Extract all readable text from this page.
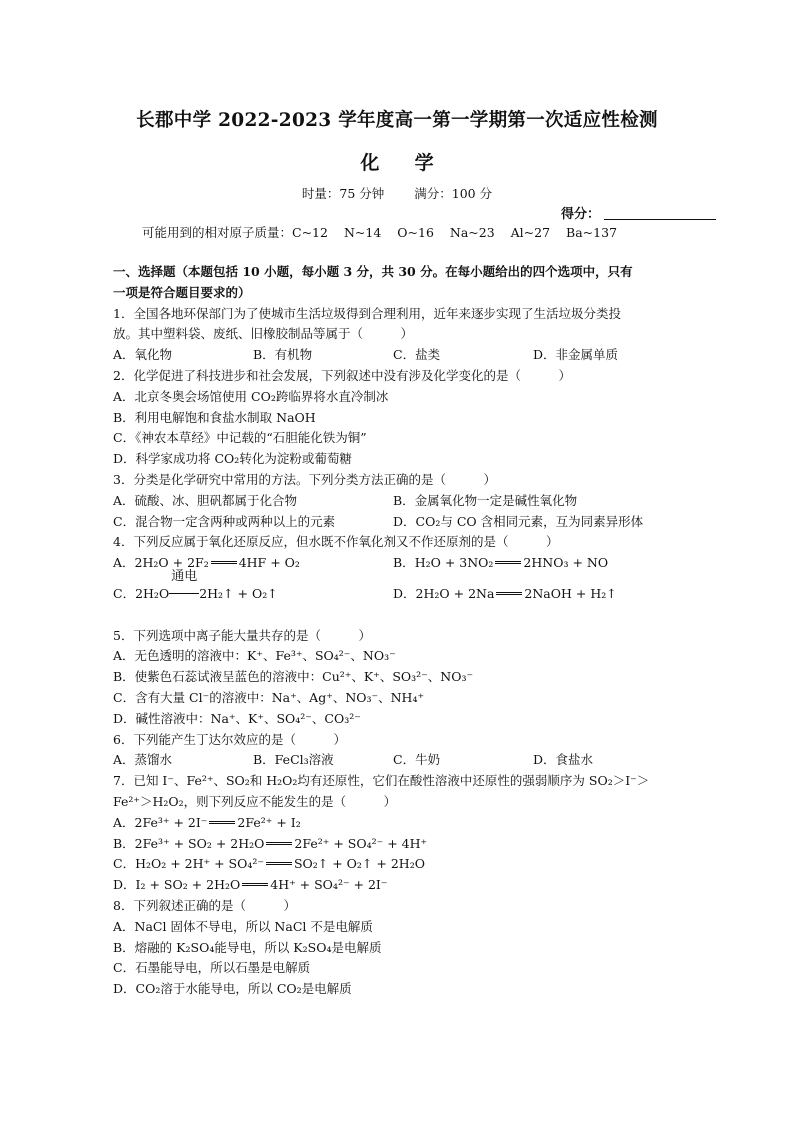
长郡中学 2022-2023 学年度高一第一学期第一次适应性检测
化 学
时量：75 分钟 满分：100 分
得分：
可能用到的相对原子质量：C~12 N~14 O~16 Na~23 Al~27 Ba~137
一、选择题（本题包括 10 小题，每小题 3 分，共 30 分。在每小题给出的四个选项中，只有
一项是符合题目要求的）
1．全国各地环保部门为了使城市生活垃圾得到合理利用，近年来逐步实现了生活垃圾分类投
放。其中塑料袋、废纸、旧橡胶制品等属于（　　　）
A．氧化物	B．有机物	C．盐类	D．非金属单质
2．化学促进了科技进步和社会发展，下列叙述中没有涉及化学变化的是（　　　）
A．北京冬奥会场馆使用 CO₂跨临界将水直冷制冰
B．利用电解饱和食盐水制取 NaOH
C．《神农本草经》中记载的“石胆能化铁为铜”
D．科学家成功将 CO₂转化为淀粉或葡萄糖
3．分类是化学研究中常用的方法。下列分类方法正确的是（　　　）
A．硫酸、冰、胆矾都属于化合物	B．金属氧化物一定是碱性氧化物
C．混合物一定含两种或两种以上的元素	D．CO₂与 CO 含相同元素，互为同素异形体
4．下列反应属于氧化还原反应，但水既不作氧化剂又不作还原剂的是（　　　）
A．2H₂O + 2F₂ 4HF + O₂	B．H₂O + 3NO₂ 2HNO₃ + NO
C．2H₂O
通电
2H₂↑ + O₂↑	D．2H₂O + 2Na 2NaOH + H₂↑
5．下列选项中离子能大量共存的是（　　　）
A．无色透明的溶液中：K⁺、Fe³⁺、SO₄²⁻、NO₃⁻
B．使紫色石蕊试液呈蓝色的溶液中：Cu²⁺、K⁺、SO₃²⁻、NO₃⁻
C．含有大量 Cl⁻的溶液中：Na⁺、Ag⁺、NO₃⁻、NH₄⁺
D．碱性溶液中：Na⁺、K⁺、SO₄²⁻、CO₃²⁻
6．下列能产生丁达尔效应的是（　　　）
A．蒸馏水	B．FeCl₃溶液	C．牛奶	D．食盐水
7．已知 I⁻、Fe²⁺、SO₂和 H₂O₂均有还原性，它们在酸性溶液中还原性的强弱顺序为 SO₂＞I⁻＞
Fe²⁺＞H₂O₂，则下列反应不能发生的是（　　　）
A．2Fe³⁺ + 2I⁻ 2Fe²⁺ + I₂
B．2Fe³⁺ + SO₂ + 2H₂O 2Fe²⁺ + SO₄²⁻ + 4H⁺
C．H₂O₂ + 2H⁺ + SO₄²⁻ SO₂↑ + O₂↑ + 2H₂O
D．I₂ + SO₂ + 2H₂O 4H⁺ + SO₄²⁻ + 2I⁻
8．下列叙述正确的是（　　　）
A．NaCl 固体不导电，所以 NaCl 不是电解质
B．熔融的 K₂SO₄能导电，所以 K₂SO₄是电解质
C．石墨能导电，所以石墨是电解质
D．CO₂溶于水能导电，所以 CO₂是电解质
